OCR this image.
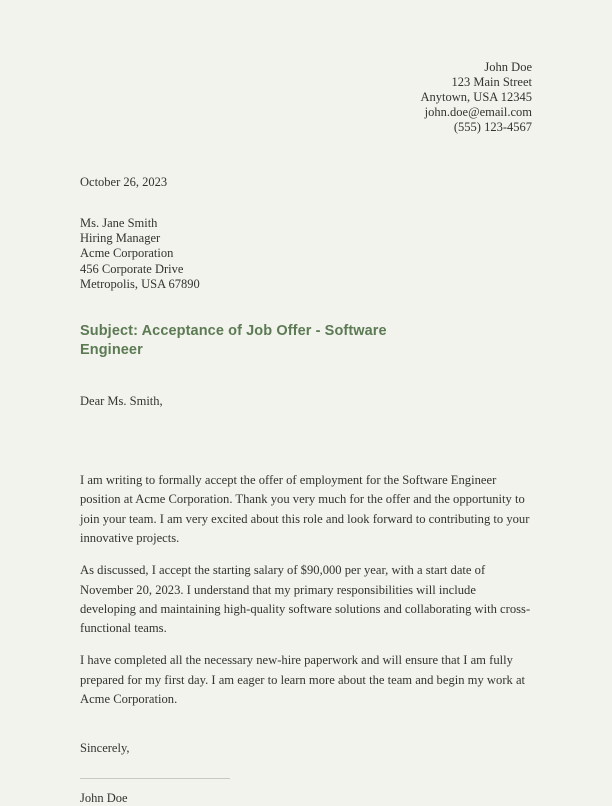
John Doe
123 Main Street
Anytown, USA 12345
john.doe@email.com
(555) 123-4567
October 26, 2023
Ms. Jane Smith
Hiring Manager
Acme Corporation
456 Corporate Drive
Metropolis, USA 67890
Subject: Acceptance of Job Offer - Software Engineer
Dear Ms. Smith,

I am writing to formally accept the offer of employment for the Software Engineer position at Acme Corporation. Thank you very much for the offer and the opportunity to join your team. I am very excited about this role and look forward to contributing to your innovative projects.

As discussed, I accept the starting salary of $90,000 per year, with a start date of November 20, 2023. I understand that my primary responsibilities will include developing and maintaining high-quality software solutions and collaborating with cross-functional teams.

I have completed all the necessary new-hire paperwork and will ensure that I am fully prepared for my first day. I am eager to learn more about the team and begin my work at Acme Corporation.

Sincerely,
John Doe
